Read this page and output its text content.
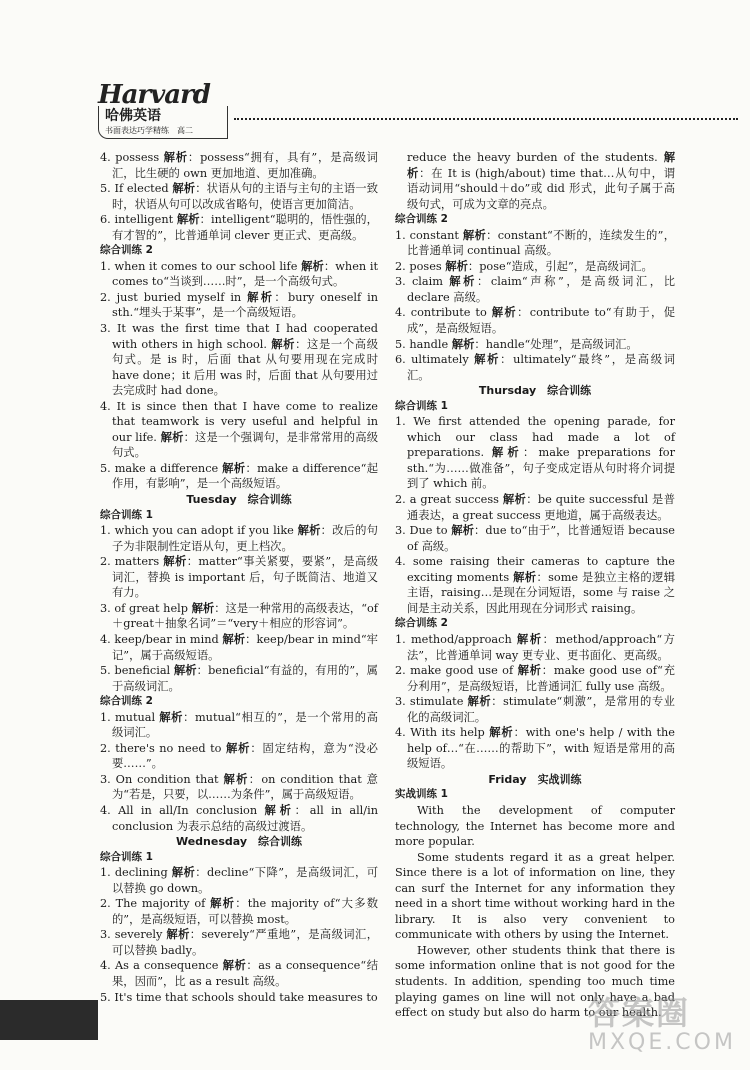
Harvard
哈佛英语
书面表达巧学精练　高二
4. possess 解析：possess“拥有，具有”，是高级词汇，比生硬的 own 更加地道、更加准确。
5. If elected 解析：状语从句的主语与主句的主语一致时，状语从句可以改成省略句，使语言更加简洁。
6. intelligent 解析：intelligent“聪明的，悟性强的，有才智的”，比普通单词 clever 更正式、更高级。
综合训练 2
1. when it comes to our school life 解析：when it comes to“当谈到……时”，是一个高级句式。
2. just buried myself in 解析：bury oneself in sth.“埋头于某事”，是一个高级短语。
3. It was the first time that I had cooperated with others in high school. 解析：这是一个高级句式。是 is 时，后面 that 从句要用现在完成时 have done；it 后用 was 时，后面 that 从句要用过去完成时 had done。
4. It is since then that I have come to realize that teamwork is very useful and helpful in our life. 解析：这是一个强调句，是非常常用的高级句式。
5. make a difference 解析：make a difference“起作用，有影响”，是一个高级短语。
Tuesday　 综合训练
综合训练 1
1. which you can adopt if you like 解析：改后的句子为非限制性定语从句，更上档次。
2. matters 解析：matter“事关紧要，要紧”，是高级词汇，替换 is important 后，句子既简洁、地道又有力。
3. of great help 解析：这是一种常用的高级表达，“of＋great＋抽象名词”＝“very＋相应的形容词”。
4. keep/bear in mind 解析：keep/bear in mind“牢记”，属于高级短语。
5. beneficial 解析：beneficial“有益的，有用的”，属于高级词汇。
综合训练 2
1. mutual 解析：mutual“相互的”，是一个常用的高级词汇。
2. there's no need to 解析：固定结构，意为“没必要……”。
3. On condition that 解析：on condition that 意为“若是，只要，以……为条件”，属于高级短语。
4. All in all/In conclusion 解析：all in all/in conclusion 为表示总结的高级过渡语。
Wednesday　 综合训练
综合训练 1
1. declining 解析：decline“下降”，是高级词汇，可以替换 go down。
2. The majority of 解析：the majority of“大多数的”，是高级短语，可以替换 most。
3. severely 解析：severely“严重地”，是高级词汇，可以替换 badly。
4. As a consequence 解析：as a consequence“结果，因而”，比 as a result 高级。
5. It's time that schools should take measures to
reduce the heavy burden of the students. 解析：在 It is (high/about) time that…从句中，谓语动词用“should＋do”或 did 形式，此句子属于高级句式，可成为文章的亮点。
综合训练 2
1. constant 解析：constant“不断的，连续发生的”，比普通单词 continual 高级。
2. poses 解析：pose“造成，引起”，是高级词汇。
3. claim 解析：claim“声称”，是高级词汇，比 declare 高级。
4. contribute to 解析：contribute to“有助于，促成”，是高级短语。
5. handle 解析：handle“处理”，是高级词汇。
6. ultimately 解析：ultimately“最终”，是高级词汇。
Thursday　 综合训练
综合训练 1
1. We first attended the opening parade, for which our class had made a lot of preparations. 解析：make preparations for sth.“为……做准备”，句子变成定语从句时将介词提到了 which 前。
2. a great success 解析：be quite successful 是普通表达，a great success 更地道，属于高级表达。
3. Due to 解析：due to“由于”，比普通短语 because of 高级。
4. some raising their cameras to capture the exciting moments 解析：some 是独立主格的逻辑主语，raising…是现在分词短语，some 与 raise 之间是主动关系，因此用现在分词形式 raising。
综合训练 2
1. method/approach 解析：method/approach“方法”，比普通单词 way 更专业、更书面化、更高级。
2. make good use of 解析：make good use of“充分利用”，是高级短语，比普通词汇 fully use 高级。
3. stimulate 解析：stimulate“刺激”，是常用的专业化的高级词汇。
4. With its help 解析：with one's help / with the help of…“在……的帮助下”，with 短语是常用的高级短语。
Friday　 实战训练
实战训练 1

With the development of computer technology, the Internet has become more and more popular.

Some students regard it as a great helper. Since there is a lot of information on line, they can surf the Internet for any information they need in a short time without working hard in the library. It is also very convenient to communicate with others by using the Internet.

However, other students think that there is some information online that is not good for the students. In addition, spending too much time playing games on line will not only have a bad effect on study but also do harm to our health.

答案圈
MXQE.COM
